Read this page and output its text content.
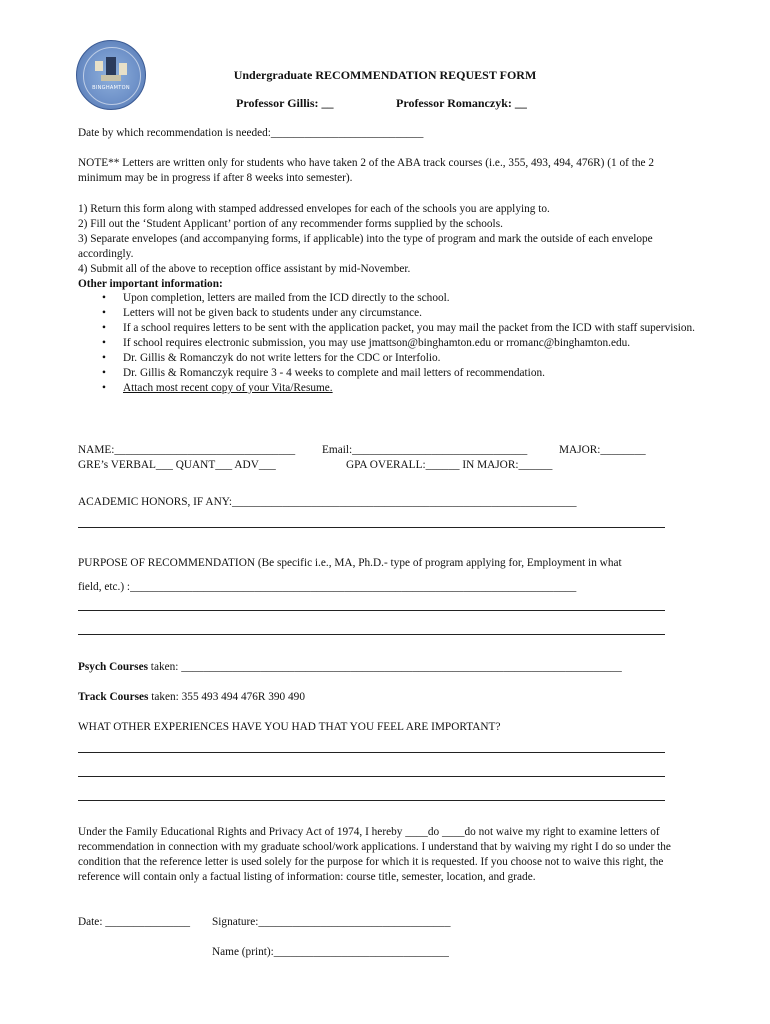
BINGHAMTON
Undergraduate RECOMMENDATION REQUEST FORM
Professor Gillis: __	Professor Romanczyk: __
Date by which recommendation is needed:___________________________
NOTE** Letters are written only for students who have taken 2 of the ABA track courses (i.e., 355, 493, 494, 476R) (1 of the 2 minimum may be in progress if after 8 weeks into semester).
1) Return this form along with stamped addressed envelopes for each of the schools you are applying to.
2) Fill out the ‘Student Applicant’ portion of any recommender forms supplied by the schools.
3) Separate envelopes (and accompanying forms, if applicable) into the type of program and mark the outside of each envelope accordingly.
4) Submit all of the above to reception office assistant by mid-November.
Other important information:
• Upon completion, letters are mailed from the ICD directly to the school.
• Letters will not be given back to students under any circumstance.
• If a school requires letters to be sent with the application packet, you may mail the packet from the ICD with staff supervision.
• If school requires electronic submission, you may use jmattson@binghamton.edu or rromanc@binghamton.edu.
• Dr. Gillis & Romanczyk do not write letters for the CDC or Interfolio.
• Dr. Gillis & Romanczyk require 3 - 4 weeks to complete and mail letters of recommendation.
• Attach most recent copy of your Vita/Resume.
NAME:________________________________ Email:_______________________________	MAJOR:________
GRE’s VERBAL___ QUANT___ ADV___	GPA OVERALL:______ IN MAJOR:______
ACADEMIC HONORS, IF ANY:_____________________________________________________________
PURPOSE OF RECOMMENDATION (Be specific i.e., MA, Ph.D.- type of program applying for, Employment in what
field, etc.) :_______________________________________________________________________________
Psych Courses taken: ______________________________________________________________________________
Track Courses taken: 355 493 494 476R 390 490
WHAT OTHER EXPERIENCES HAVE YOU HAD THAT YOU FEEL ARE IMPORTANT?
Under the Family Educational Rights and Privacy Act of 1974, I hereby ____do ____do not waive my right to examine letters of recommendation in connection with my graduate school/work applications. I understand that by waiving my right I do so under the condition that the reference letter is used solely for the purpose for which it is requested. If you choose not to waive this right, the reference will contain only a factual listing of information: course title, semester, location, and grade.
Date: _______________ Signature:__________________________________
Name (print):_______________________________
